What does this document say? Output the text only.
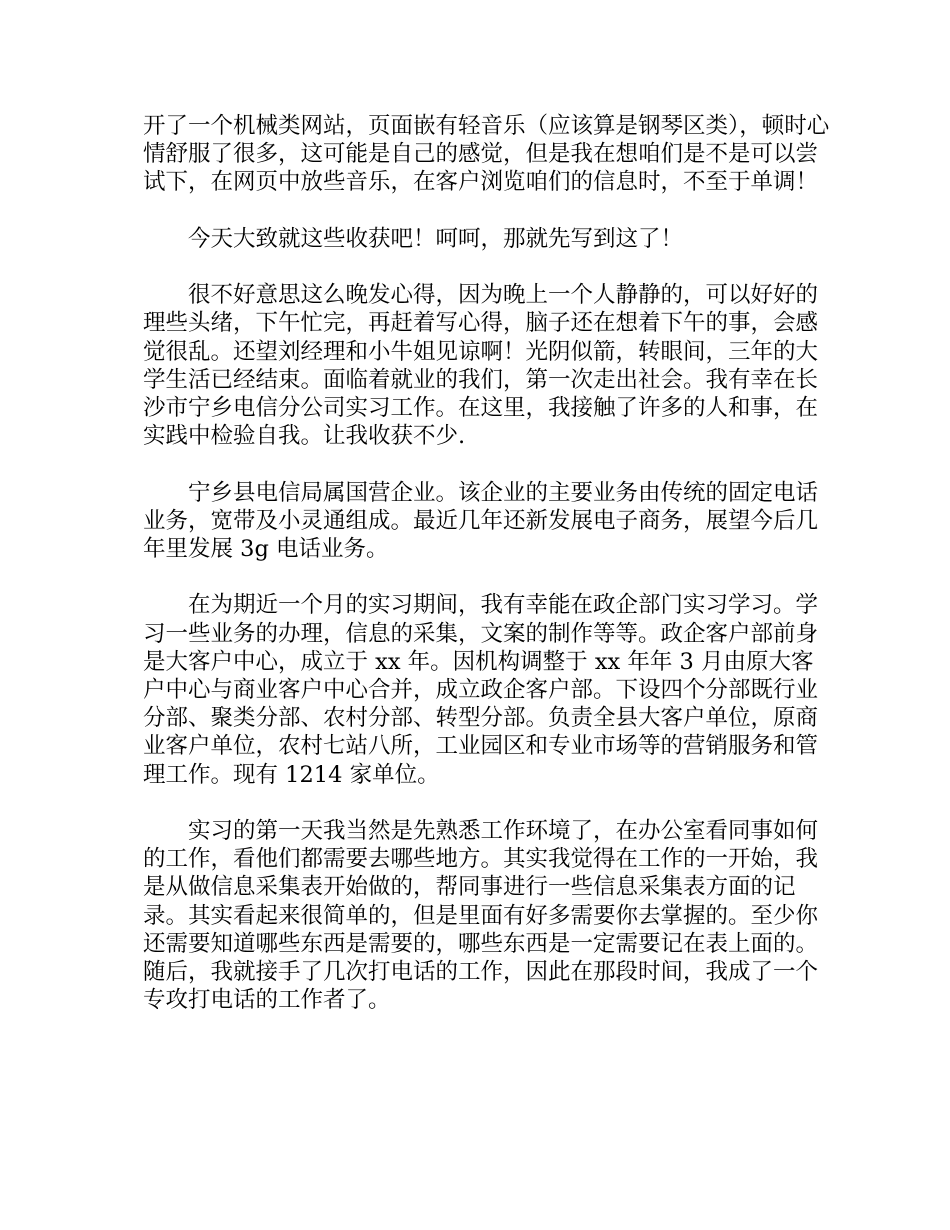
开了一个机械类网站，页面嵌有轻音乐（应该算是钢琴区类），顿时心情舒服了很多，这可能是自己的感觉，但是我在想咱们是不是可以尝试下，在网页中放些音乐，在客户浏览咱们的信息时，不至于单调！

今天大致就这些收获吧！呵呵，那就先写到这了！

很不好意思这么晚发心得，因为晚上一个人静静的，可以好好的理些头绪，下午忙完，再赶着写心得，脑子还在想着下午的事，会感觉很乱。还望刘经理和小牛姐见谅啊！光阴似箭，转眼间，三年的大学生活已经结束。面临着就业的我们，第一次走出社会。我有幸在长沙市宁乡电信分公司实习工作。在这里，我接触了许多的人和事，在实践中检验自我。让我收获不少.

宁乡县电信局属国营企业。该企业的主要业务由传统的固定电话业务，宽带及小灵通组成。最近几年还新发展电子商务，展望今后几年里发展 3g 电话业务。

在为期近一个月的实习期间，我有幸能在政企部门实习学习。学习一些业务的办理，信息的采集，文案的制作等等。政企客户部前身是大客户中心，成立于 xx 年。因机构调整于 xx 年年 3 月由原大客户中心与商业客户中心合并，成立政企客户部。下设四个分部既行业分部、聚类分部、农村分部、转型分部。负责全县大客户单位，原商业客户单位，农村七站八所，工业园区和专业市场等的营销服务和管理工作。现有 1214 家单位。

实习的第一天我当然是先熟悉工作环境了，在办公室看同事如何的工作，看他们都需要去哪些地方。其实我觉得在工作的一开始，我是从做信息采集表开始做的，帮同事进行一些信息采集表方面的记录。其实看起来很简单的，但是里面有好多需要你去掌握的。至少你还需要知道哪些东西是需要的，哪些东西是一定需要记在表上面的。随后，我就接手了几次打电话的工作，因此在那段时间，我成了一个专攻打电话的工作者了。
